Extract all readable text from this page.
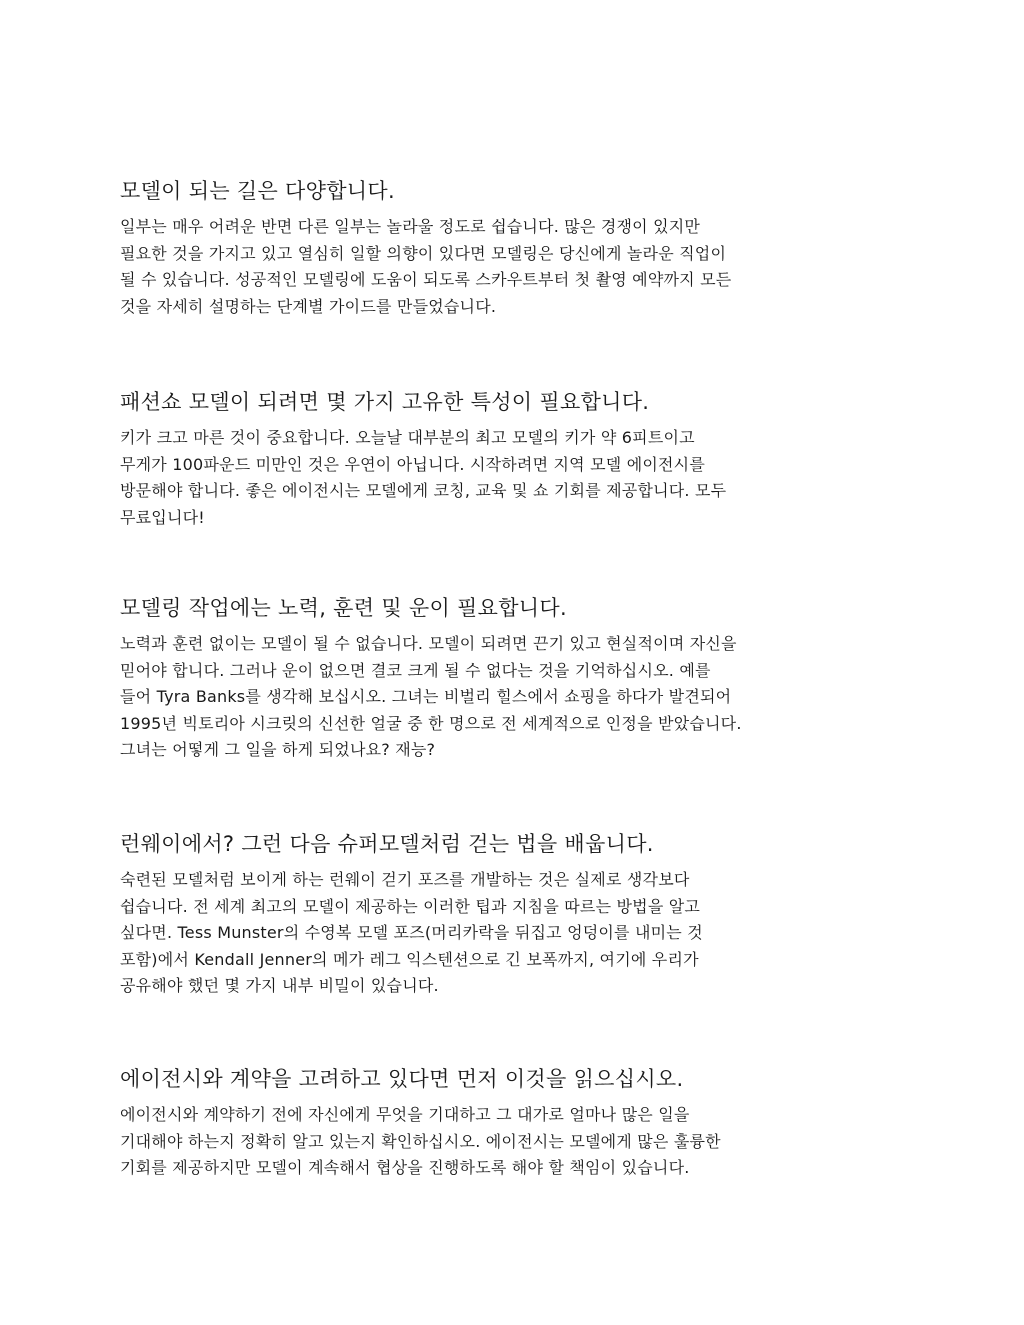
모델이 되는 길은 다양합니다.

일부는 매우 어려운 반면 다른 일부는 놀라울 정도로 쉽습니다. 많은 경쟁이 있지만
필요한 것을 가지고 있고 열심히 일할 의향이 있다면 모델링은 당신에게 놀라운 직업이
될 수 있습니다. 성공적인 모델링에 도움이 되도록 스카우트부터 첫 촬영 예약까지 모든
것을 자세히 설명하는 단계별 가이드를 만들었습니다.

패션쇼 모델이 되려면 몇 가지 고유한 특성이 필요합니다.

키가 크고 마른 것이 중요합니다. 오늘날 대부분의 최고 모델의 키가 약 6피트이고
무게가 100파운드 미만인 것은 우연이 아닙니다. 시작하려면 지역 모델 에이전시를
방문해야 합니다. 좋은 에이전시는 모델에게 코칭, 교육 및 쇼 기회를 제공합니다. 모두
무료입니다!

모델링 작업에는 노력, 훈련 및 운이 필요합니다.

노력과 훈련 없이는 모델이 될 수 없습니다. 모델이 되려면 끈기 있고 현실적이며 자신을
믿어야 합니다. 그러나 운이 없으면 결코 크게 될 수 없다는 것을 기억하십시오. 예를
들어 Tyra Banks를 생각해 보십시오. 그녀는 비벌리 힐스에서 쇼핑을 하다가 발견되어
1995년 빅토리아 시크릿의 신선한 얼굴 중 한 명으로 전 세계적으로 인정을 받았습니다.
그녀는 어떻게 그 일을 하게 되었나요? 재능?

런웨이에서? 그런 다음 슈퍼모델처럼 걷는 법을 배웁니다.

숙련된 모델처럼 보이게 하는 런웨이 걷기 포즈를 개발하는 것은 실제로 생각보다
쉽습니다. 전 세계 최고의 모델이 제공하는 이러한 팁과 지침을 따르는 방법을 알고
싶다면. Tess Munster의 수영복 모델 포즈(머리카락을 뒤집고 엉덩이를 내미는 것
포함)에서 Kendall Jenner의 메가 레그 익스텐션으로 긴 보폭까지, 여기에 우리가
공유해야 했던 몇 가지 내부 비밀이 있습니다.

에이전시와 계약을 고려하고 있다면 먼저 이것을 읽으십시오.

에이전시와 계약하기 전에 자신에게 무엇을 기대하고 그 대가로 얼마나 많은 일을
기대해야 하는지 정확히 알고 있는지 확인하십시오. 에이전시는 모델에게 많은 훌륭한
기회를 제공하지만 모델이 계속해서 협상을 진행하도록 해야 할 책임이 있습니다.
